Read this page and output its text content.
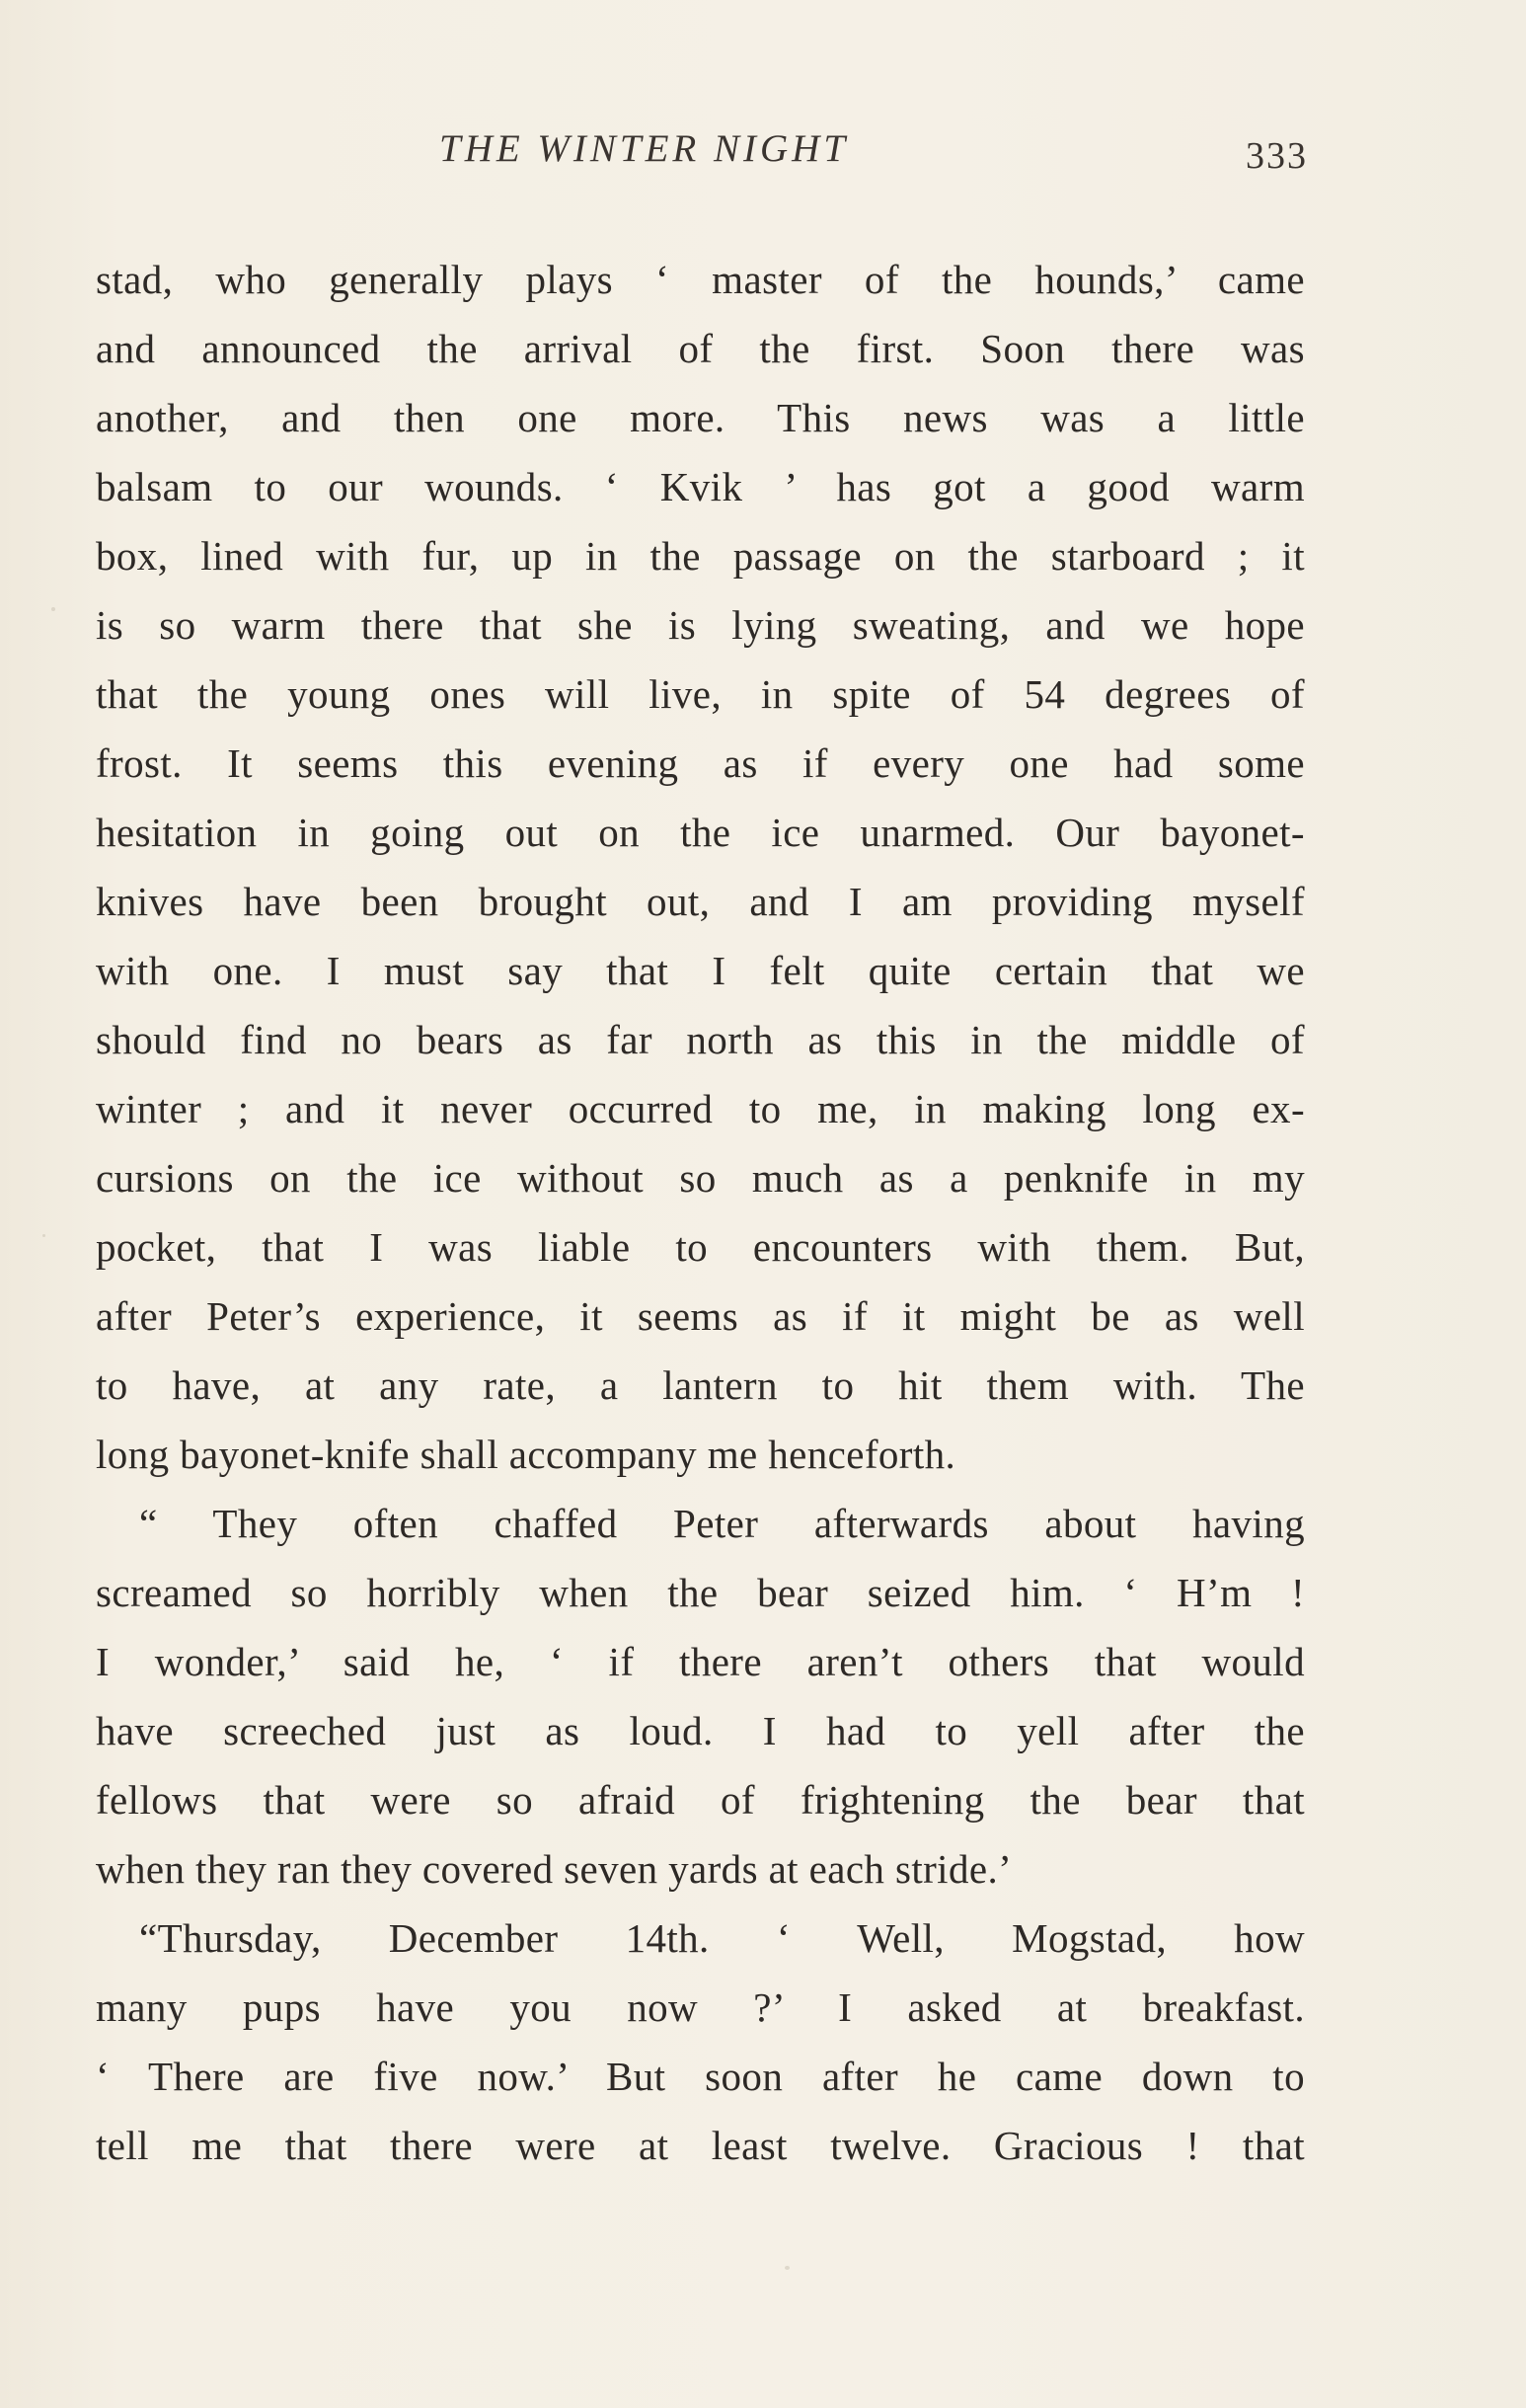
THE WINTER NIGHT	333
stad, who generally plays ‘ master of the hounds,’ came
and announced the arrival of the first. Soon there was
another, and then one more. This news was a little
balsam to our wounds. ‘ Kvik ’ has got a good warm
box, lined with fur, up in the passage on the starboard ; it
is so warm there that she is lying sweating, and we hope
that the young ones will live, in spite of 54 degrees of
frost. It seems this evening as if every one had some
hesitation in going out on the ice unarmed. Our bayonet-
knives have been brought out, and I am providing myself
with one. I must say that I felt quite certain that we
should find no bears as far north as this in the middle of
winter ; and it never occurred to me, in making long ex-
cursions on the ice without so much as a penknife in my
pocket, that I was liable to encounters with them. But,
after Peter’s experience, it seems as if it might be as well
to have, at any rate, a lantern to hit them with. The
long bayonet-knife shall accompany me henceforth.
“ They often chaffed Peter afterwards about having
screamed so horribly when the bear seized him. ‘ H’m !
I wonder,’ said he, ‘ if there aren’t others that would
have screeched just as loud. I had to yell after the
fellows that were so afraid of frightening the bear that
when they ran they covered seven yards at each stride.’
“Thursday, December 14th. ‘ Well, Mogstad, how
many pups have you now ?’ I asked at breakfast.
‘ There are five now.’ But soon after he came down to
tell me that there were at least twelve. Gracious ! that
